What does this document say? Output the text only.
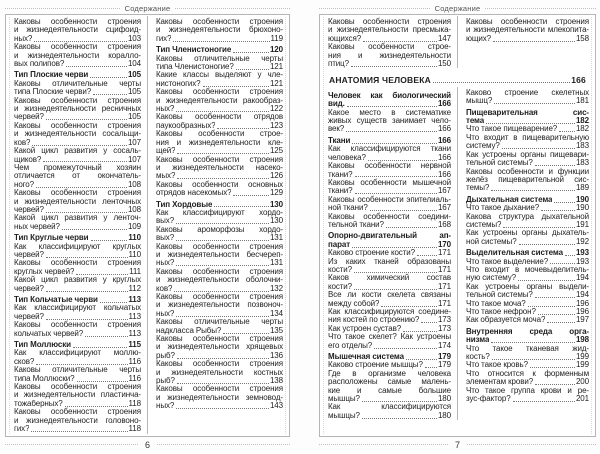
Содержание
Каковы особенности строения
и жизнедеятельности сцифоид-
ных?	103
Каковы особенности строения
и жизнедеятельности коралло-
вых полипов?	104
Тип Плоские черви	105
Каковы отличительные черты
типа Плоские черви?	105
Каковы особенности строения
и жизнедеятельности ресничных
червей?	105
Каковы особенности строения
и жизнедеятельности сосальщи-
ков?	107
Какой цикл развития у сосаль-
щиков?	107
Чем промежуточный хозяин
отличается от окончатель-
ного?	108
Каковы особенности строения
и жизнедеятельности ленточных
червей?	108
Какой цикл развития у ленточ-
ных червей?	109
Тип Круглые черви	110
Как классифицируют круглых
червей?	110
Каковы особенности строения
круглых червей?	111
Какой цикл развития у круглых
червей?	112
Тип Кольчатые черви	113
Как классифицируют кольчатых
червей?	113
Каковы особенности строения
кольчатых червей?	113
Тип Моллюски	115
Как классифицируют моллю-
сков?	116
Каковы отличительные черты
типа Моллюски?	116
Каковы особенности строения
и жизнедеятельности пластинча-
тожаберных?	118
Каковы особенности строения
и жизнедеятельности головоно-
гих?	118
Каковы особенности строения
и жизнедеятельности брюхоно-
гих?	119
Тип Членистоногие	120
Каковы отличительные черты
типа Членистоногие?	121
Какие классы выделяют у чле-
нистоногих?	121
Каковы особенности строения
и жизнедеятельности ракообраз-
ных?	122
Каковы особенности отрядов
паукообразных?	123
Каковы особенности строе-
ния и жизнедеятельности кле-
щей?	125
Каковы особенности строения
и жизнедеятельности насеко-
мых?	126
Каковы особенности основных
отрядов насекомых?	129
Тип Хордовые	130
Как классифицируют хордо-
вых?	130
Каковы ароморфозы хордо-
вых?	131
Каковы особенности строения
и жизнедеятельности бесчереп-
ных?	131
Каковы особенности строения
и жизнедеятельности оболочни-
ков?	132
Каковы особенности строения
и жизнедеятельности позвоноч-
ных?	134
Каковы отличительные черты
надкласса Рыбы?	135
Каковы особенности строения
и жизнедеятельности хрящевых
рыб?	136
Каковы особенности строения
и жизнедеятельности костных
рыб?	138
Каковы особенности строения
и жизнедеятельности земновод-
ных?	143
6
Содержание
Каковы особенности строения
и жизнедеятельности пресмыка-
ющихся?	147
Каковы особенности строе-
ния и жизнедеятельности
птиц?	150
Каковы особенности строения
и жизнедеятельности млекопита-
ющих?	158
АНАТОМИЯ ЧЕЛОВЕКА	166
Человек как биологический
вид.	166
Какое место в систематике
живых существ занимает чело-
век?	166
Ткани	166
Как классифицируются ткани
человека?	166
Каковы особенности нервной
ткани?	166
Каковы особенности мышечной
ткани?	167
Каковы особенности эпителиаль-
ной ткани?	167
Каковы особенности соедини-
тельной ткани?	168
Опорно-двигательный ап-
парат	170
Каково строение кости?	171
Из каких тканей образованы
кости?	171
Каков химический состав
кости?	171
Все ли кости скелета связаны
между собой?	171
Как классифицируются соедине-
ния костей по строению? 173
Как устроен сустав?	173
Что такое скелет? Как устроены
его отделы?	174
Мышечная система	179
Каково строение мышцы? 179
Где в организме человека
расположены самые малень-
кие и самые большие
мышцы?	180
Как классифицируются
мышцы?	180
Каково строение скелетных
мышц?	181
Пищеварительная сис-
тема	182
Что такое пищеварение? 182
Что входит в пищеварительную
систему?	183
Как устроены органы пищевари-
тельной системы?	183
Каковы особенности и функции
желёз пищеварительной сис-
темы?	189
Дыхательная система	190
Что такое дыхание?	190
Какова структура дыхательной
системы?	191
Как устроены органы дыхатель-
ной системы?	192
Выделительная система 193
Что такое выделение?	193
Что входит в мочевыделитель-
ную систему?	194
Как устроены органы выдели-
тельной системы?	194
Что такое моча?	196
Что такое нефрон?	196
Как образуется моча?	197
Внутренняя среда орга-
низма	198
Что такое тканевая жид-
кость?	199
Что такое кровь?	199
Что относится к форменным
элементам крови?	200
Что такое группа крови и ре-
зус-фактор?	201
7
